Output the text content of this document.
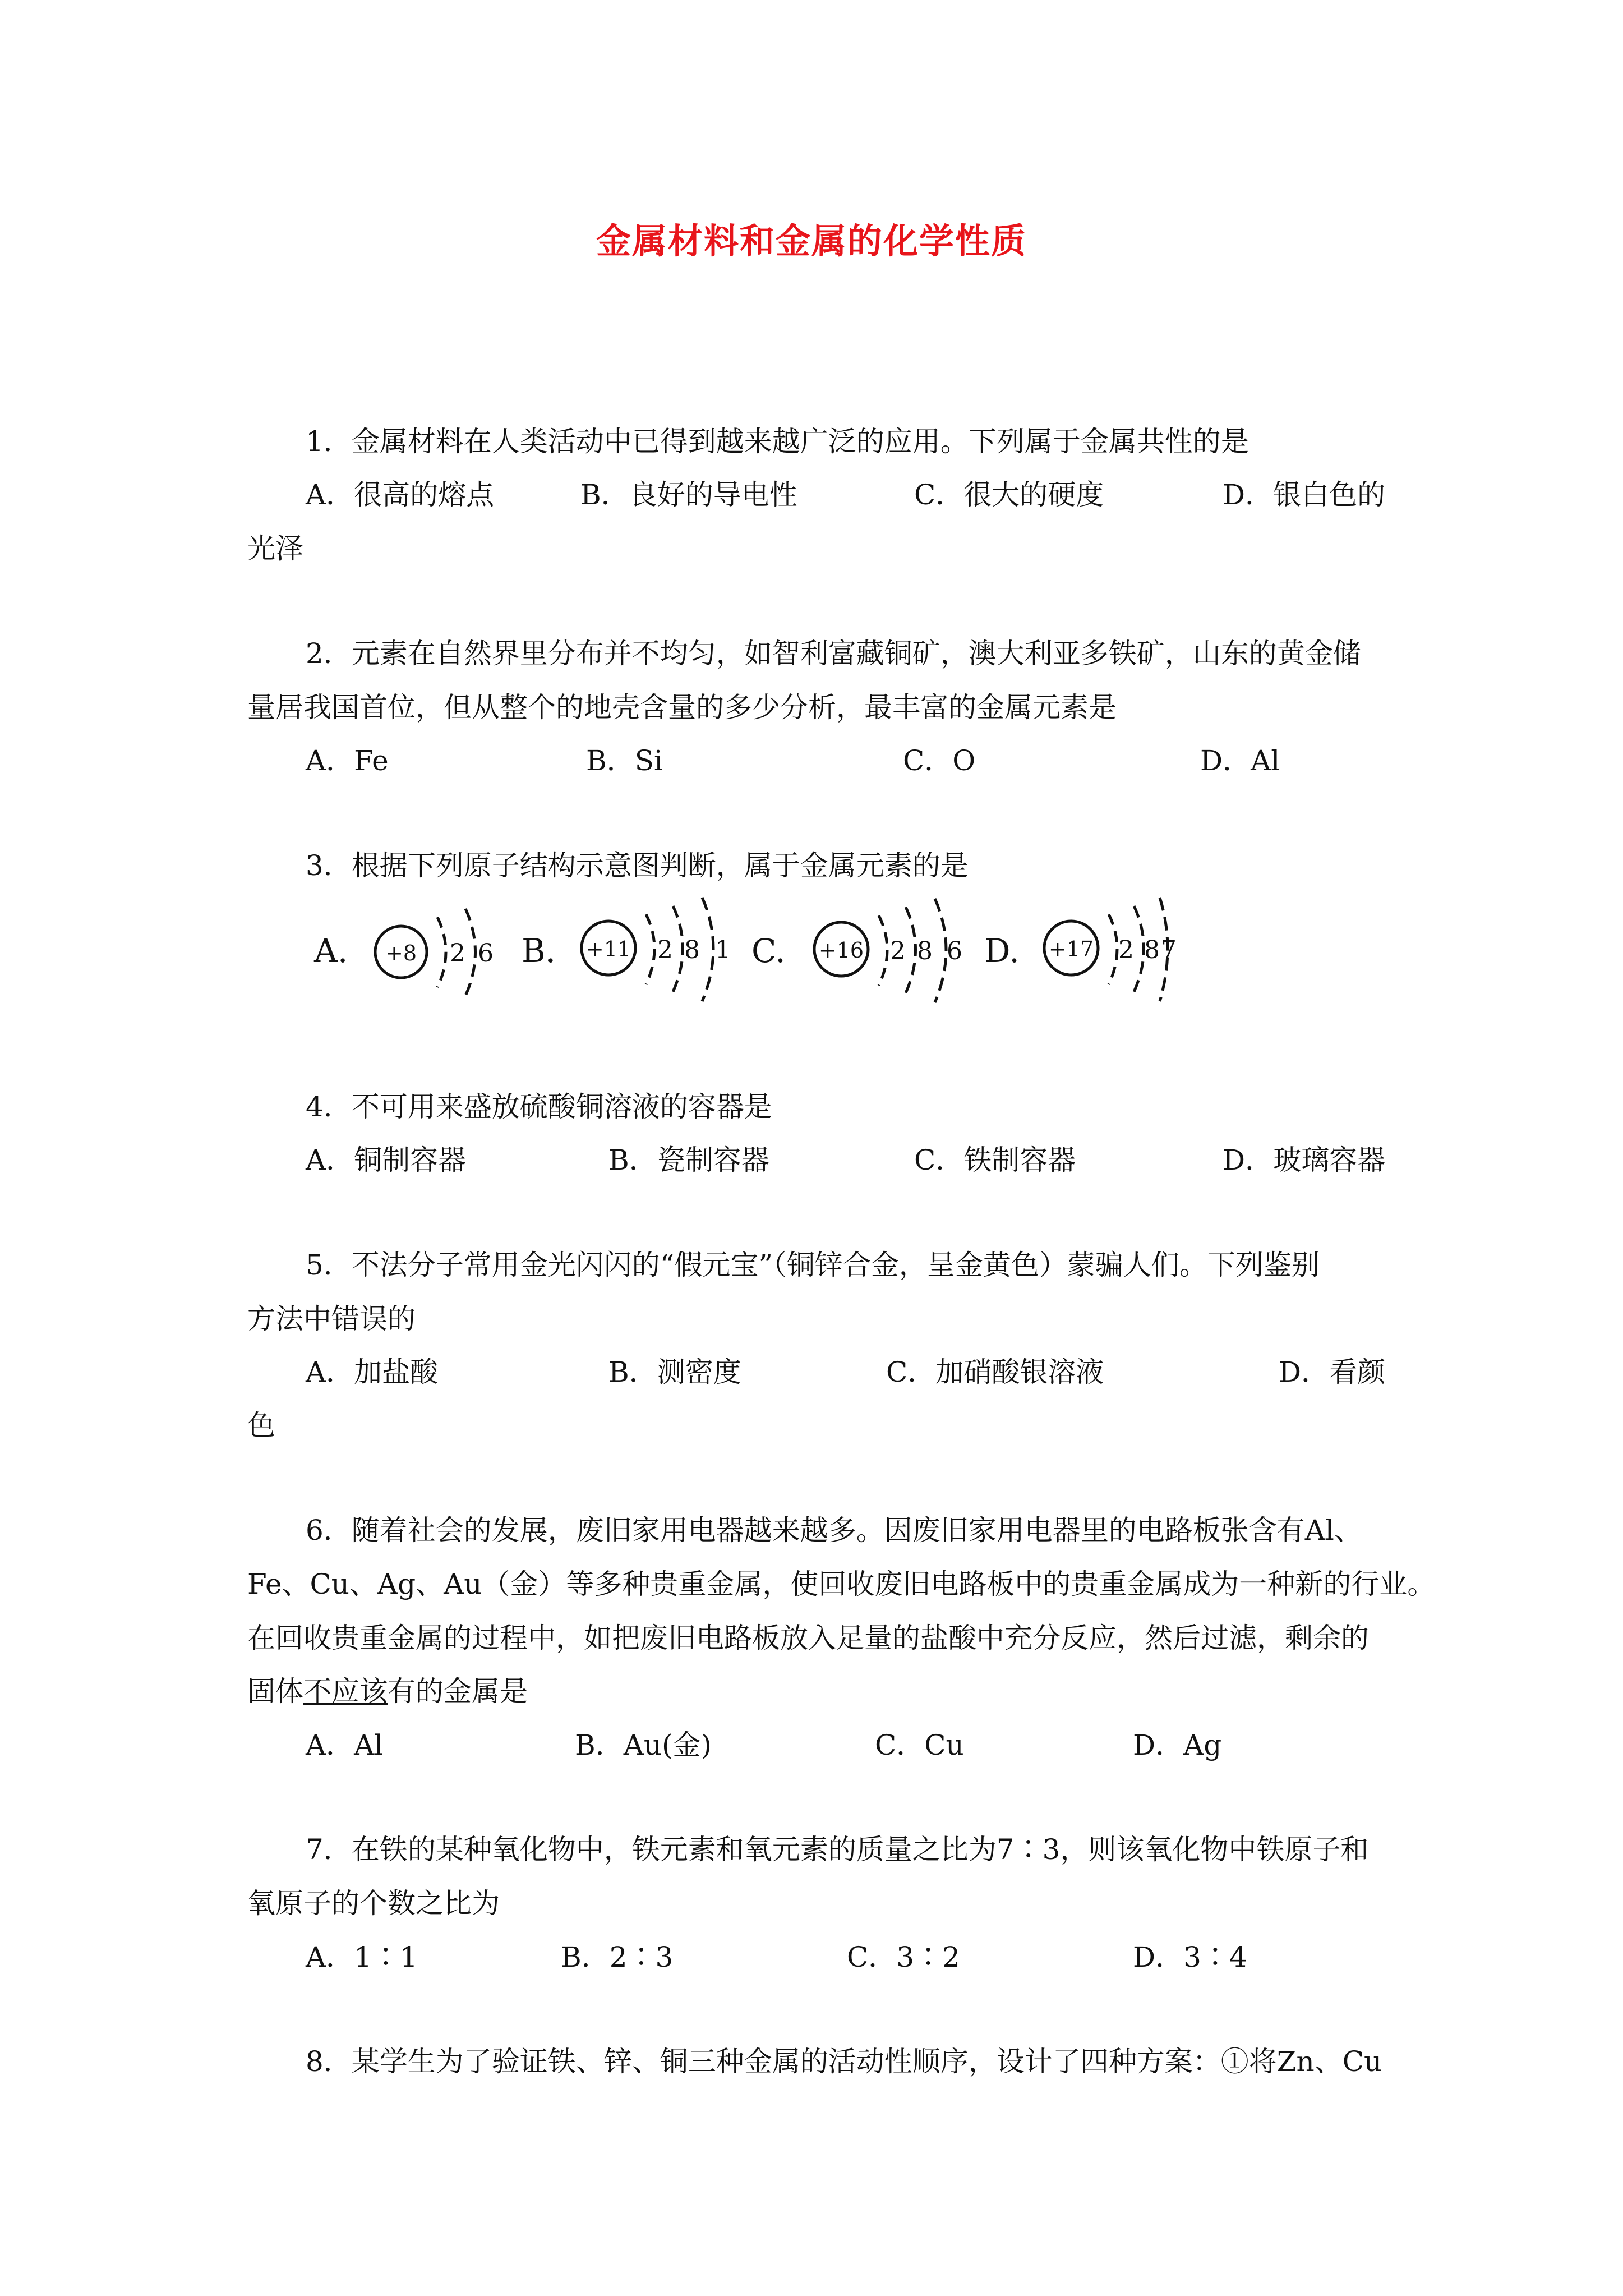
金属材料和金属的化学性质
1．金属材料在人类活动中已得到越来越广泛的应用。下列属于金属共性的是
A．很高的熔点	B．良好的导电性	C．很大的硬度	D．银白色的
光泽
2．元素在自然界里分布并不均匀，如智利富藏铜矿，澳大利亚多铁矿，山东的黄金储
量居我国首位，但从整个的地壳含量的多少分析，最丰富的金属元素是
A．Fe	B．Si	C．O	D．Al
3．根据下列原子结构示意图判断，属于金属元素的是
A. +8 2 6 B. +11 2 8 1 C. +16 2 8 6 D. +17 2 8 7
4．不可用来盛放硫酸铜溶液的容器是
A．铜制容器	B．瓷制容器	C．铁制容器	D．玻璃容器
5．不法分子常用金光闪闪的“假元宝”（铜锌合金，呈金黄色）蒙骗人们。下列鉴别
方法中错误的
A．加盐酸	B．测密度	C．加硝酸银溶液	D．看颜
色
6．随着社会的发展，废旧家用电器越来越多。因废旧家用电器里的电路板张含有Al、
Fe、Cu、Ag、Au（金）等多种贵重金属，使回收废旧电路板中的贵重金属成为一种新的行业。
在回收贵重金属的过程中，如把废旧电路板放入足量的盐酸中充分反应，然后过滤，剩余的
固体不应该有的金属是
A．Al	B．Au(金)	C．Cu	D．Ag
7．在铁的某种氧化物中，铁元素和氧元素的质量之比为7∶3，则该氧化物中铁原子和
氧原子的个数之比为
A．1∶1	B．2∶3	C．3∶2	D．3∶4
8．某学生为了验证铁、锌、铜三种金属的活动性顺序，设计了四种方案：①将Zn、Cu
